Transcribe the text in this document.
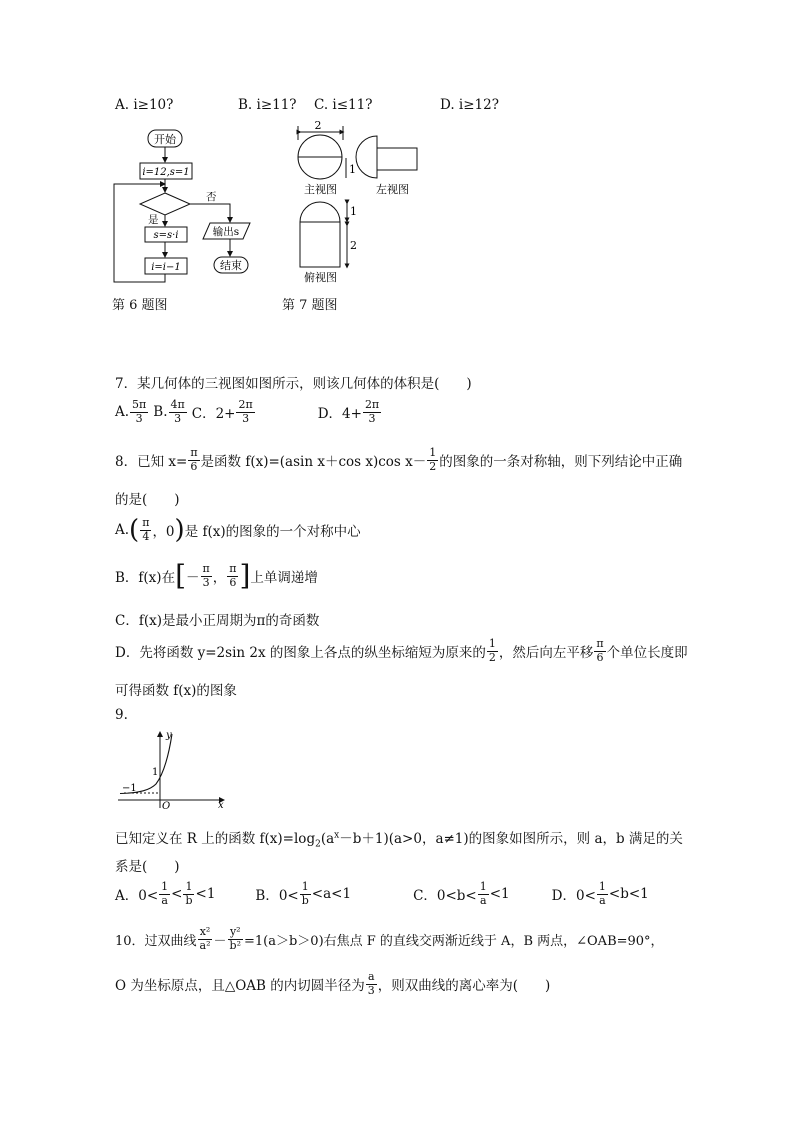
A. i≥10?	B. i≥11? C. i≤11?	D. i≥12?
开始
i=12,s=1
否
是
s=s·i
i=i−1
输出s
结束
第 6 题图
2
1
主视图	左视图
1
2
俯视图
第 7 题图
7．某几何体的三视图如图所示，则该几何体的体积是(　　)
A. $\frac{5\pi}{3} B$. $\frac{4\pi}{3}$ C．$2+ \frac{2\pi}{3}$	D．$4+ \frac{2\pi}{3}$
8．已知 $x= \frac{\pi}{6}$ 是函数 f(x)=(asin x＋cos x)cos $x- \frac{1}{2}$ 的图象的一条对称轴，则下列结论中正确
的是(　　)
A. ( $\frac{\pi}{4}$ ，0 ) 是 f(x)的图象的一个对称中心
B．f(x)在 [ － $\frac{\pi}{3}$ ， $\frac{\pi}{6}$ ] 上单调递增
C．f(x)是最小正周期为π的奇函数
D．先将函数 y=2sin 2x 的图象上各点的纵坐标缩短为原来的 $\frac{1}{2}$ ，然后向左平移 $\frac{\pi}{6}$ 个单位长度即
可得函数 f(x)的图象
9.
y
x
1
−1
O
已知定义在 R 上的函数 $f(x)=\log_2(a^x-b+1)(a>0$，a≠1)的图象如图所示，则 a，b 满足的关
系是(　　)
A．$0< \frac{1}{a} < \frac{1}{b} <1$	B．$0< \frac{1}{b} <a<1$	C．$0<b< \frac{1}{a} <1$	D．$0< \frac{1}{a} <b<1$
10．过双曲线 $\frac{\text{x²}}{\text{a²}} - \frac{\text{y²}}{\text{b²}} =1(a>b>0)$右焦点 F 的直线交两渐近线于 A，B 两点，∠OAB=90°，
O 为坐标原点，且△OAB 的内切圆半径为 $\frac{a}{3}$ ，则双曲线的离心率为(　　)
